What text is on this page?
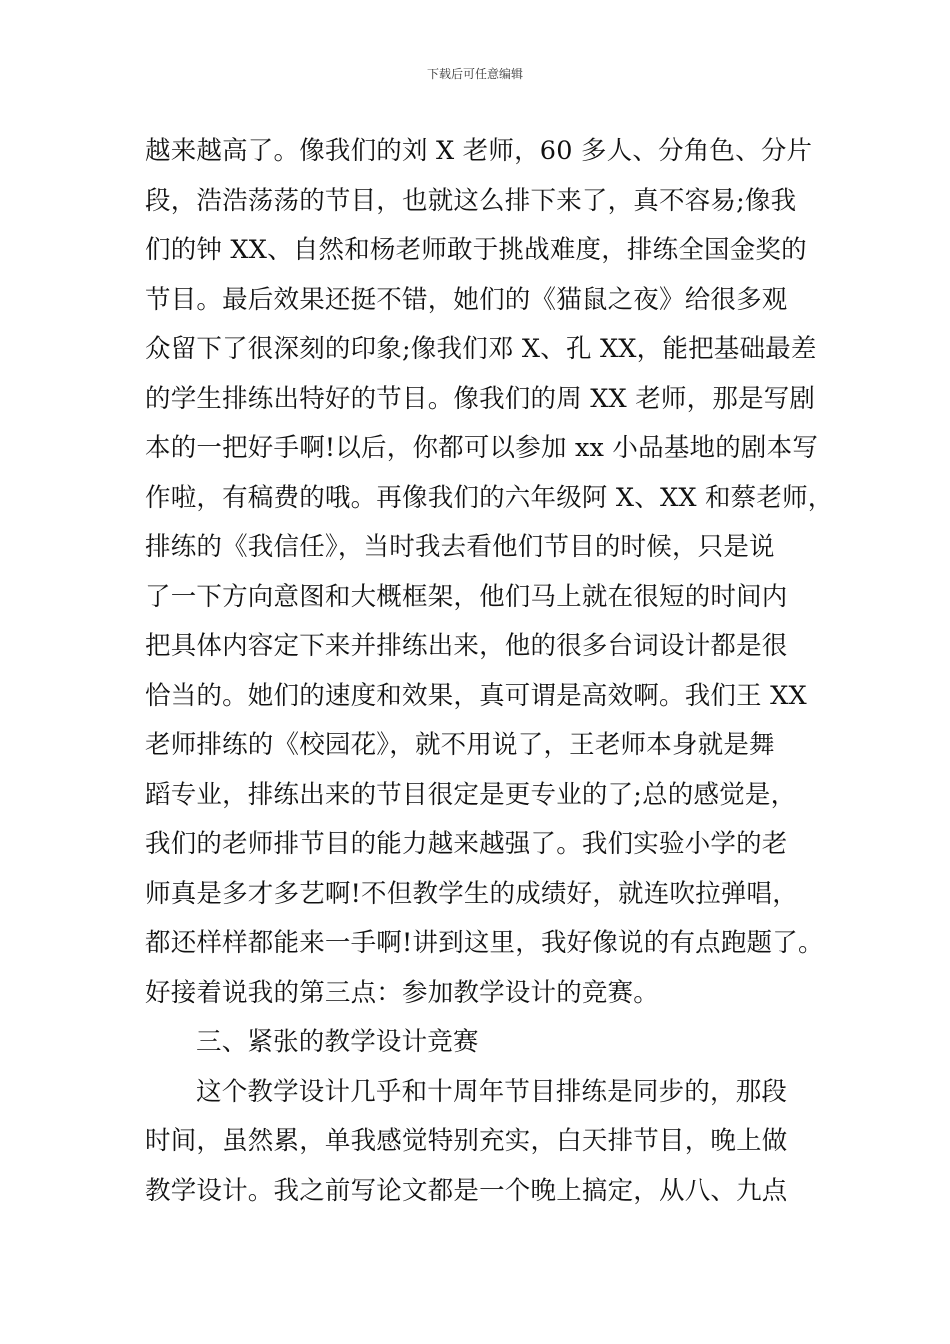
下载后可任意编辑
越来越高了。像我们的刘 X 老师，60 多人、分角色、分片
段，浩浩荡荡的节目，也就这么排下来了，真不容易;像我
们的钟 XX、自然和杨老师敢于挑战难度，排练全国金奖的
节目。最后效果还挺不错，她们的《猫鼠之夜》给很多观
众留下了很深刻的印象;像我们邓 X、孔 XX，能把基础最差
的学生排练出特好的节目。像我们的周 XX 老师，那是写剧
本的一把好手啊!以后，你都可以参加 xx 小品基地的剧本写
作啦，有稿费的哦。再像我们的六年级阿 X、XX 和蔡老师，
排练的《我信任》，当时我去看他们节目的时候，只是说
了一下方向意图和大概框架，他们马上就在很短的时间内
把具体内容定下来并排练出来，他的很多台词设计都是很
恰当的。她们的速度和效果，真可谓是高效啊。我们王 XX
老师排练的《校园花》，就不用说了，王老师本身就是舞
蹈专业，排练出来的节目很定是更专业的了;总的感觉是，
我们的老师排节目的能力越来越强了。我们实验小学的老
师真是多才多艺啊!不但教学生的成绩好，就连吹拉弹唱，
都还样样都能来一手啊!讲到这里，我好像说的有点跑题了。
好接着说我的第三点：参加教学设计的竞赛。
三、紧张的教学设计竞赛
这个教学设计几乎和十周年节目排练是同步的，那段
时间，虽然累，单我感觉特别充实，白天排节目，晚上做
教学设计。我之前写论文都是一个晚上搞定，从八、九点
